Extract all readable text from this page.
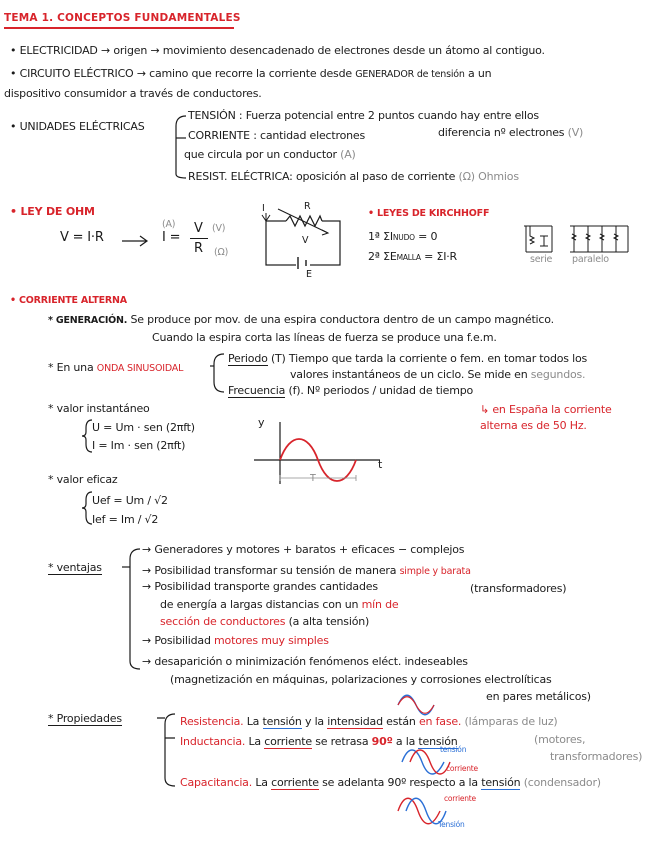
TEMA 1. CONCEPTOS FUNDAMENTALES
• ELECTRICIDAD → origen → movimiento desencadenado de electrones desde un átomo al contiguo.
• CIRCUITO ELÉCTRICO → camino que recorre la corriente desde GENERADOR de tensión a un
dispositivo consumidor a través de conductores.
• UNIDADES ELÉCTRICAS
TENSIÓN : Fuerza potencial entre 2 puntos cuando hay entre ellos
diferencia nº electrones (V)
CORRIENTE : cantidad electrones
que circula por un conductor (A)
RESIST. ELÉCTRICA: oposición al paso de corriente (Ω) Ohmios
• LEY DE OHM
V = I·R	I =
V
R
(A)	(V)
(Ω)
I	R
V
E
• LEYES DE KIRCHHOFF
1ª ΣINUDO = 0
2ª ΣEMALLA = ΣI·R	serie paralelo
• CORRIENTE ALTERNA
* GENERACIÓN. Se produce por mov. de una espira conductora dentro de un campo magnético.
Cuando la espira corta las líneas de fuerza se produce una f.e.m.
* En una ONDA SINUSOIDAL
Periodo (T) Tiempo que tarda la corriente o fem. en tomar todos los
valores instantáneos de un ciclo. Se mide en segundos.
Frecuencia (f). Nº periodos / unidad de tiempo
* valor instantáneo
U = Um · sen (2πft)
I = Im · sen (2πft)
y
t
T
↳ en España la corriente
alterna es de 50 Hz.
* valor eficaz
Uef = Um / √2
Ief = Im / √2
* ventajas
→ Generadores y motores + baratos + eficaces − complejos
→ Posibilidad transformar su tensión de manera simple y barata
(transformadores)
→ Posibilidad transporte grandes cantidades
de energía a largas distancias con un mín de
sección de conductores (a alta tensión)
→ Posibilidad motores muy simples
→ desaparición o minimización fenómenos eléct. indeseables
(magnetización en máquinas, polarizaciones y corrosiones electrolíticas
en pares metálicos)
* Propiedades	Resistencia. La tensión y la intensidad están en fase. (lámparas de luz)
Inductancia. La corriente se retrasa 90º a la tensión	(motores,
transformadores)
tensión
corriente
Capacitancia. La corriente se adelanta 90º respecto a la tensión (condensador)
corriente
Tensión
